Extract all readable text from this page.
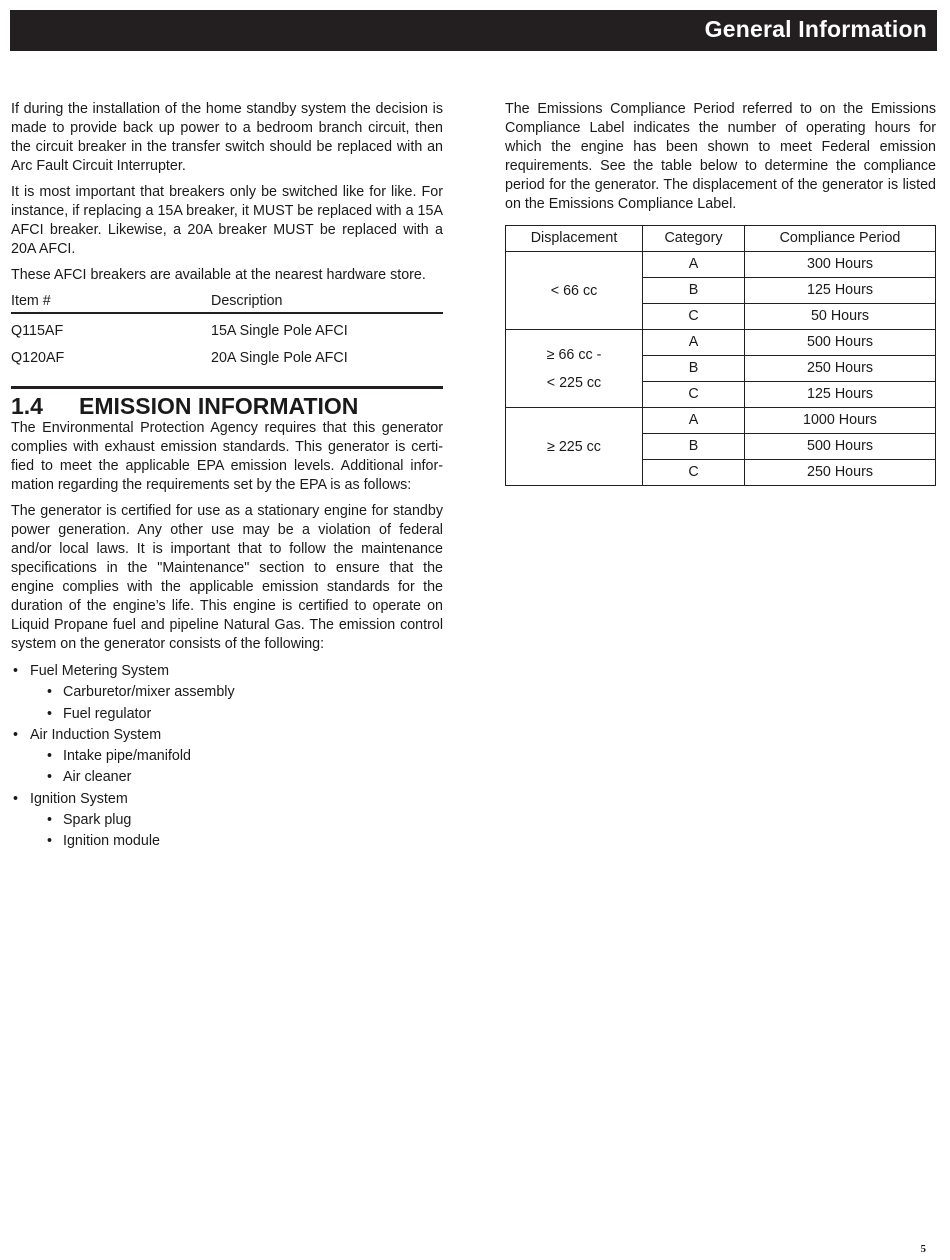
General Information

If during the installation of the home standby system the decision is made to provide back up power to a bedroom branch circuit, then the circuit breaker in the transfer switch should be replaced with an Arc Fault Circuit Interrupter.

It is most important that breakers only be switched like for like. For instance, if replacing a 15A breaker, it MUST be replaced with a 15A AFCI breaker. Likewise, a 20A breaker MUST be replaced with a 20A AFCI.

These AFCI breakers are available at the nearest hardware store.

Item #	Description
Q115AF	15A Single Pole AFCI
Q120AF	20A Single Pole AFCI
1.4	EMISSION INFORMATION

The Environmental Protection Agency requires that this generator complies with exhaust emission standards. This generator is certified to meet the applicable EPA emission levels. Additional information regarding the requirements set by the EPA is as follows:

The generator is certified for use as a stationary engine for standby power generation. Any other use may be a violation of federal and/or local laws. It is important that to follow the maintenance specifications in the "Maintenance" section to ensure that the engine complies with the applicable emission standards for the duration of the engine’s life. This engine is certified to operate on Liquid Propane fuel and pipeline Natural Gas. The emission control system on the generator consists of the following:

• Fuel Metering System
• Carburetor/mixer assembly
• Fuel regulator
• Air Induction System
• Intake pipe/manifold
• Air cleaner
• Ignition System
• Spark plug
• Ignition module

The Emissions Compliance Period referred to on the Emissions Compliance Label indicates the number of operating hours for which the engine has been shown to meet Federal emission requirements. See the table below to determine the compliance period for the generator. The displacement of the generator is listed on the Emissions Compliance Label.

Displacement	Category	Compliance Period
< 66 cc	A	300 Hours
	B	125 Hours
	C	50 Hours
≥ 66 cc -
< 225 cc	A	500 Hours
	B	250 Hours
	C	125 Hours
≥ 225 cc	A	1000 Hours
	B	500 Hours
	C	250 Hours
5
